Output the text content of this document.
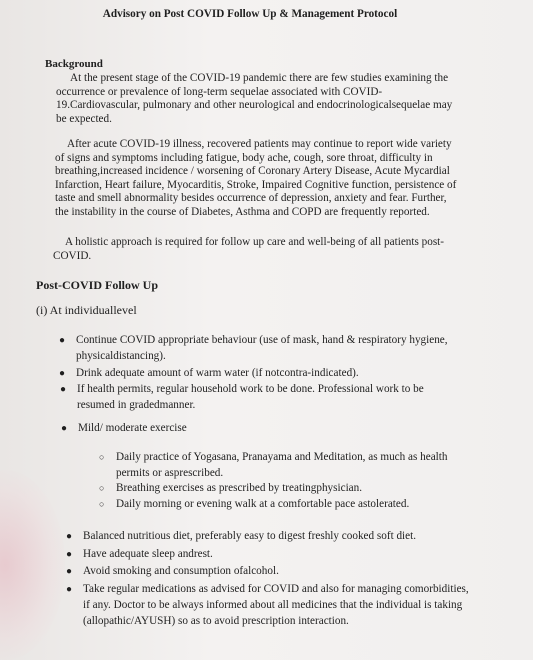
Advisory on Post COVID Follow Up & Management Protocol
Background
At the present stage of the COVID-19 pandemic there are few studies examining the
occurrence or prevalence of long-term sequelae associated with COVID-
19.Cardiovascular, pulmonary and other neurological and endocrinologicalsequelae may
be expected.
After acute COVID-19 illness, recovered patients may continue to report wide variety
of signs and symptoms including fatigue, body ache, cough, sore throat, difficulty in
breathing,increased incidence / worsening of Coronary Artery Disease, Acute Mycardial
Infarction, Heart failure, Myocarditis, Stroke, Impaired Cognitive function, persistence of
taste and smell abnormality besides occurrence of depression, anxiety and fear. Further,
the instability in the course of Diabetes, Asthma and COPD are frequently reported.
A holistic approach is required for follow up care and well-being of all patients post-
COVID.
Post-COVID Follow Up
(i) At individuallevel
● Continue COVID appropriate behaviour (use of mask, hand & respiratory hygiene,
physicaldistancing).
● Drink adequate amount of warm water (if notcontra-indicated).
● If health permits, regular household work to be done. Professional work to be
resumed in gradedmanner.
● Mild/ moderate exercise
○ Daily practice of Yogasana, Pranayama and Meditation, as much as health
permits or asprescribed.
○ Breathing exercises as prescribed by treatingphysician.
○ Daily morning or evening walk at a comfortable pace astolerated.
● Balanced nutritious diet, preferably easy to digest freshly cooked soft diet.
● Have adequate sleep andrest.
● Avoid smoking and consumption ofalcohol.
● Take regular medications as advised for COVID and also for managing comorbidities,
if any. Doctor to be always informed about all medicines that the individual is taking
(allopathic/AYUSH) so as to avoid prescription interaction.
